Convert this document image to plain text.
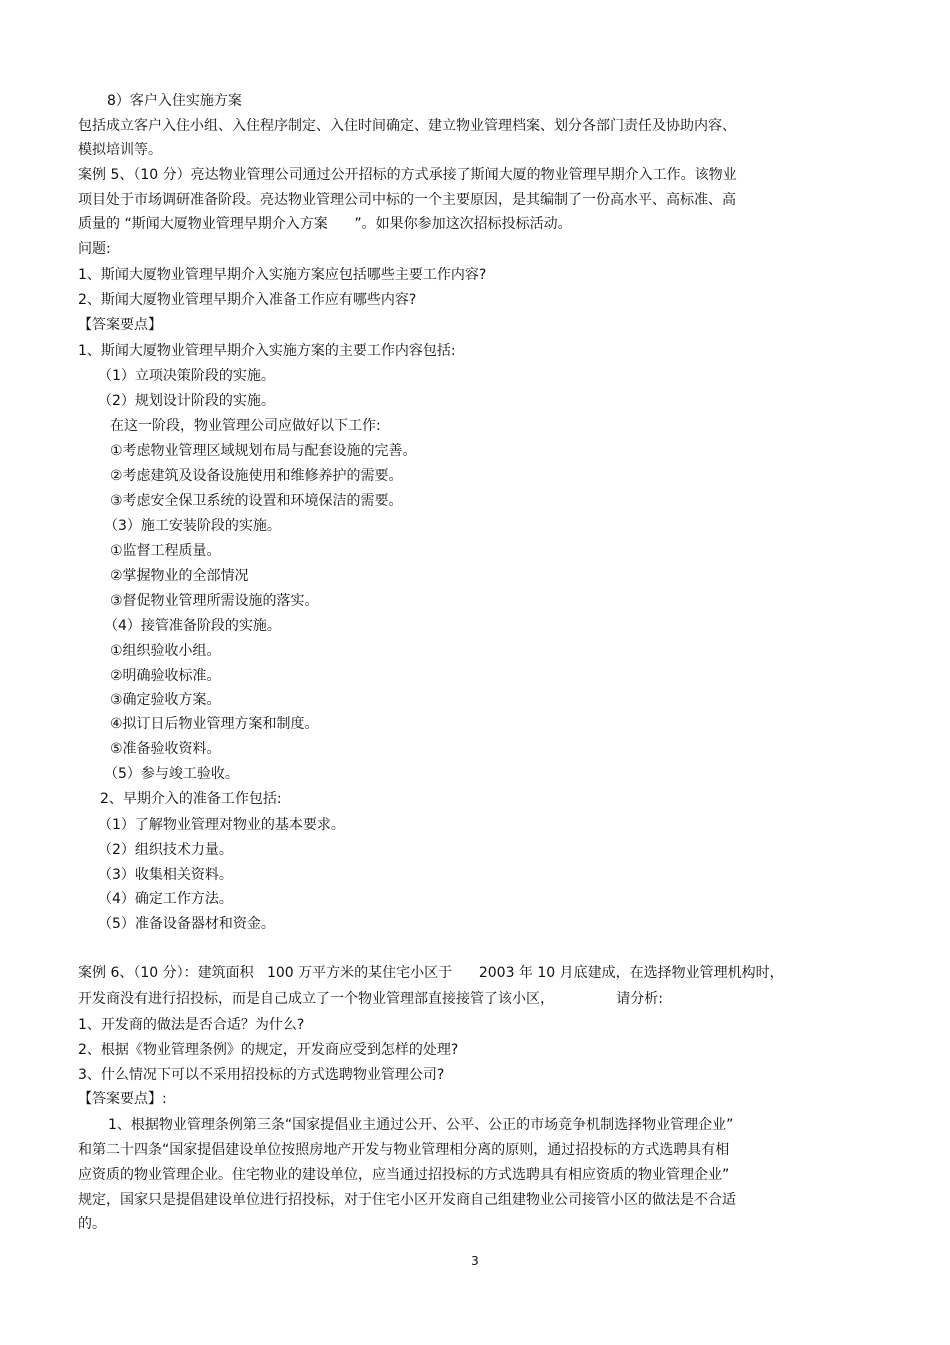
8）客户入住实施方案

包括成立客户入住小组、入住程序制定、入住时间确定、建立物业管理档案、划分各部门责任及协助内容、

模拟培训等。

案例 5、（10 分）亮达物业管理公司通过公开招标的方式承接了斯闻大厦的物业管理早期介入工作。该物业

项目处于市场调研准备阶段。亮达物业管理公司中标的一个主要原因，是其编制了一份高水平、高标准、高

质量的 “斯闻大厦物业管理早期介入方案      ”。如果你参加这次招标投标活动。

问题:

1、斯闻大厦物业管理早期介入实施方案应包括哪些主要工作内容?

2、斯闻大厦物业管理早期介入准备工作应有哪些内容?

【答案要点】

1、斯闻大厦物业管理早期介入实施方案的主要工作内容包括:

（1）立项决策阶段的实施。

（2）规划设计阶段的实施。

在这一阶段，物业管理公司应做好以下工作:

①考虑物业管理区域规划布局与配套设施的完善。

②考虑建筑及设备设施使用和维修养护的需要。

③考虑安全保卫系统的设置和环境保洁的需要。

（3）施工安装阶段的实施。

①监督工程质量。

②掌握物业的全部情况

③督促物业管理所需设施的落实。

（4）接管准备阶段的实施。

①组织验收小组。

②明确验收标准。

③确定验收方案。

④拟订日后物业管理方案和制度。

⑤准备验收资料。

（5）参与竣工验收。

2、早期介入的准备工作包括:

（1）了解物业管理对物业的基本要求。

（2）组织技术力量。

（3）收集相关资料。

（4）确定工作方法。

（5）准备设备器材和资金。

案例 6、（10 分）：建筑面积   100 万平方米的某住宅小区于      2003 年 10 月底建成，在选择物业管理机构时，

开发商没有进行招投标，而是自己成立了一个物业管理部直接接管了该小区，              请分析:

1、开发商的做法是否合适？为什么?

2、根据《物业管理条例》的规定，开发商应受到怎样的处理?

3、什么情况下可以不采用招投标的方式选聘物业管理公司?

【答案要点】:

1、根据物业管理条例第三条“国家提倡业主通过公开、公平、公正的市场竞争机制选择物业管理企业”

和第二十四条“国家提倡建设单位按照房地产开发与物业管理相分离的原则，通过招投标的方式选聘具有相

应资质的物业管理企业。住宅物业的建设单位，应当通过招投标的方式选聘具有相应资质的物业管理企业”

规定，国家只是提倡建设单位进行招投标，对于住宅小区开发商自己组建物业公司接管小区的做法是不合适

的。

3
